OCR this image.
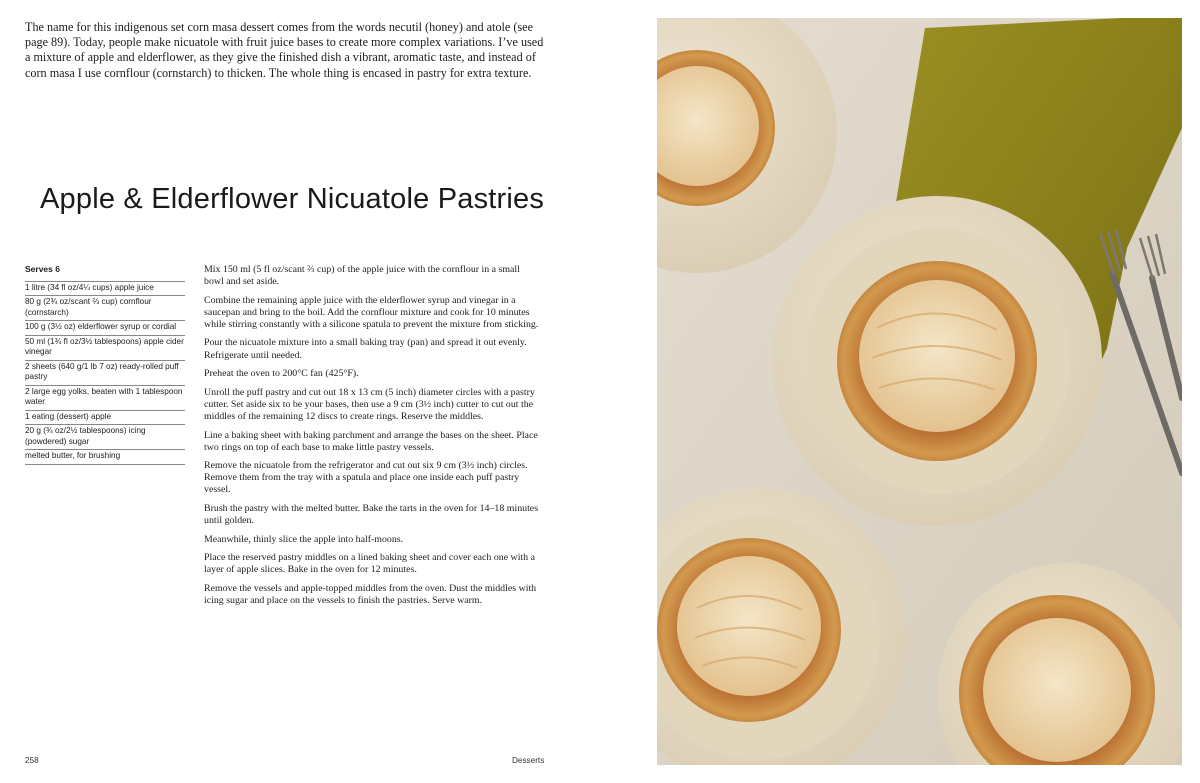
The name for this indigenous set corn masa dessert comes from the words necutil (honey) and atole (see page 89). Today, people make nicuatole with fruit juice bases to create more complex variations. I’ve used a mixture of apple and elderflower, as they give the finished dish a vibrant, aromatic taste, and instead of corn masa I use cornflour (cornstarch) to thicken. The whole thing is encased in pastry for extra texture.

Apple & Elderflower Nicuatole Pastries
Serves 6
1 litre (34 fl oz/4¼ cups) apple juice
80 g (2¾ oz/scant ⅔ cup) cornflour (cornstarch)
100 g (3½ oz) elderflower syrup or cordial
50 ml (1¾ fl oz/3½ tablespoons) apple cider vinegar
2 sheets (640 g/1 lb 7 oz) ready-rolled puff pastry
2 large egg yolks, beaten with 1 tablespoon water
1 eating (dessert) apple
20 g (¾ oz/2½ tablespoons) icing (powdered) sugar
melted butter, for brushing

Mix 150 ml (5 fl oz/scant ⅔ cup) of the apple juice with the cornflour in a small bowl and set aside.

Combine the remaining apple juice with the elderflower syrup and vinegar in a saucepan and bring to the boil. Add the cornflour mixture and cook for 10 minutes while stirring constantly with a silicone spatula to prevent the mixture from sticking.

Pour the nicuatole mixture into a small baking tray (pan) and spread it out evenly. Refrigerate until needed.

Preheat the oven to 200°C fan (425°F).

Unroll the puff pastry and cut out 18 x 13 cm (5 inch) diameter circles with a pastry cutter. Set aside six to be your bases, then use a 9 cm (3½ inch) cutter to cut out the middles of the remaining 12 discs to create rings. Reserve the middles.

Line a baking sheet with baking parchment and arrange the bases on the sheet. Place two rings on top of each base to make little pastry vessels.

Remove the nicuatole from the refrigerator and cut out six 9 cm (3½ inch) circles. Remove them from the tray with a spatula and place one inside each puff pastry vessel.

Brush the pastry with the melted butter. Bake the tarts in the oven for 14–18 minutes until golden.

Meanwhile, thinly slice the apple into half-moons.

Place the reserved pastry middles on a lined baking sheet and cover each one with a layer of apple slices. Bake in the oven for 12 minutes.

Remove the vessels and apple-topped middles from the oven. Dust the middles with icing sugar and place on the vessels to finish the pastries. Serve warm.

258	Desserts
